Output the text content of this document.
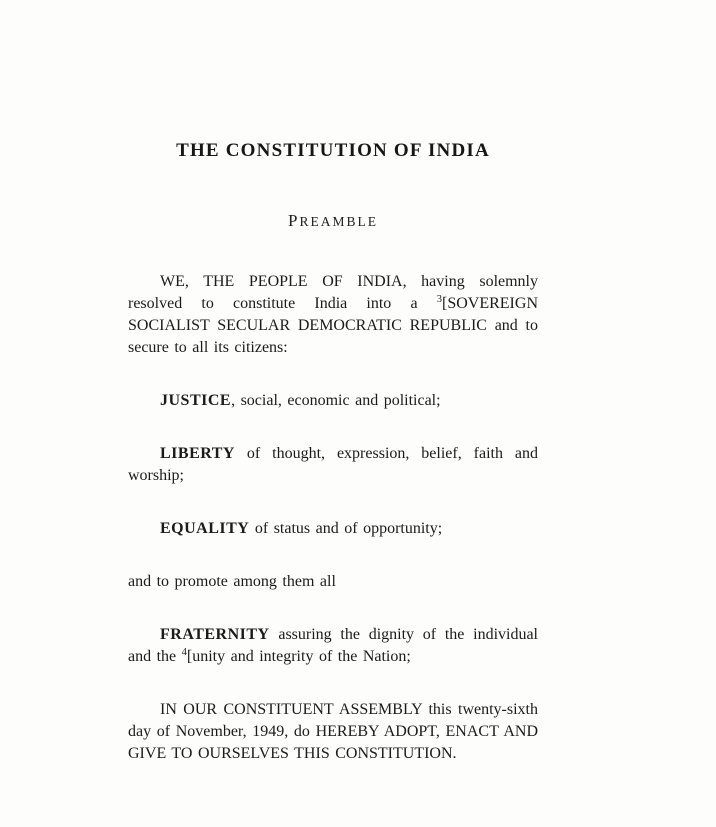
THE CONSTITUTION OF INDIA
PREAMBLE

WE, THE PEOPLE OF INDIA, having solemnly resolved to constitute India into a $^3$[SOVEREIGN SOCIALIST SECULAR DEMOCRATIC REPUBLIC and to secure to all its citizens:

JUSTICE, social, economic and political;

LIBERTY of thought, expression, belief, faith and worship;

EQUALITY of status and of opportunity;

and to promote among them all

FRATERNITY assuring the dignity of the individual and the $^4$[unity and integrity of the Nation;

IN OUR CONSTITUENT ASSEMBLY this twenty-sixth day of November, 1949, do HEREBY ADOPT, ENACT AND GIVE TO OURSELVES THIS CONSTITUTION.
